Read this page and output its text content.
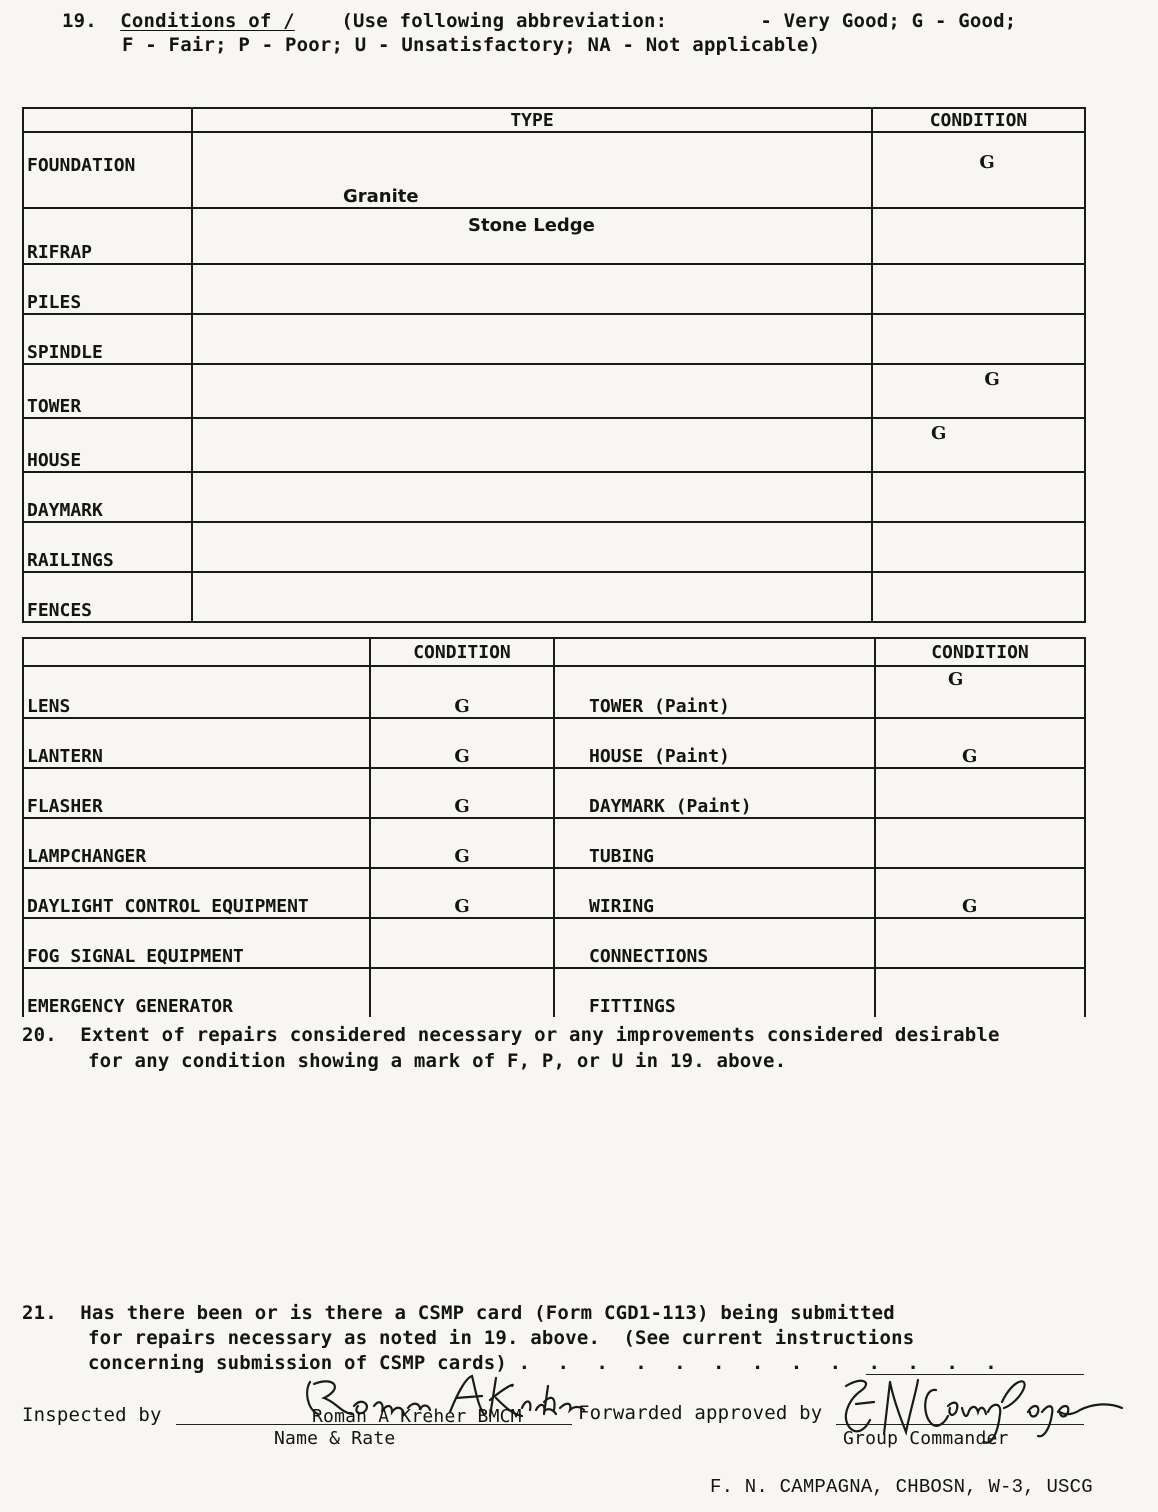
19. Conditions of / (Use following abbreviation:        - Very Good; G - Good;
F - Fair; P - Poor; U - Unsatisfactory; NA - Not applicable)
	TYPE	CONDITION
FOUNDATION	Granite	G
RIFRAP	Stone Ledge	
PILES		
SPINDLE		
TOWER		G
HOUSE		G
DAYMARK		
RAILINGS		
FENCES		
	CONDITION		CONDITION
LENS	G	TOWER (Paint)	G
LANTERN	G	HOUSE (Paint)	G
FLASHER	G	DAYMARK (Paint)	
LAMPCHANGER	G	TUBING	
DAYLIGHT CONTROL EQUIPMENT	G	WIRING	G
FOG SIGNAL EQUIPMENT		CONNECTIONS	
EMERGENCY GENERATOR		FITTINGS	
20. Extent of repairs considered necessary or any improvements considered desirable
for any condition showing a mark of F, P, or U in 19. above.
21. Has there been or is there a CSMP card (Form CGD1-113) being submitted
for repairs necessary as noted in 19. above.  (See current instructions
concerning submission of CSMP cards) . . . . . . . . . . . . .
Inspected by	Roman A Kreher BMCM
Name & Rate
Forwarded approved by
Group Commander
F. N. CAMPAGNA, CHBOSN, W-3, USCG
